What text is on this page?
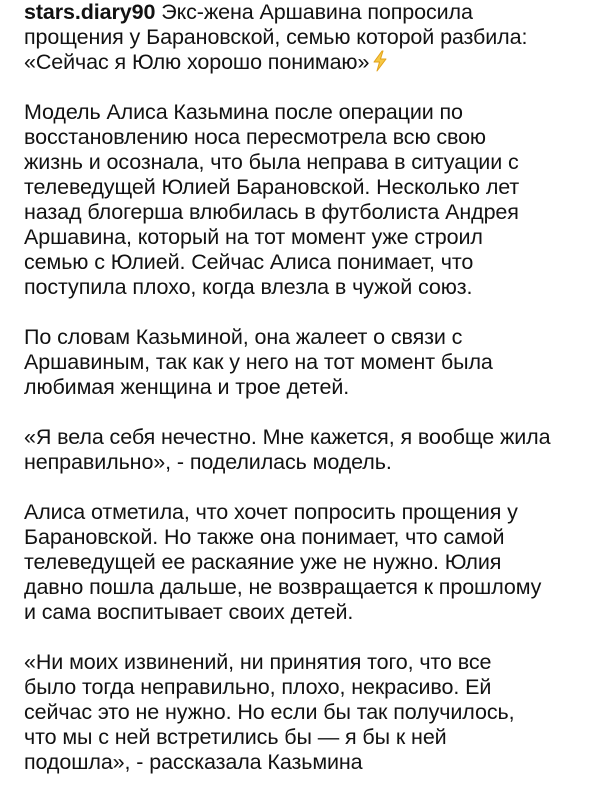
stars.diary90 Экс-жена Аршавина попросила
прощения у Барановской, семью которой разбила:
«Сейчас я Юлю хорошо понимаю»

Модель Алиса Казьмина после операции по
восстановлению носа пересмотрела всю свою
жизнь и осознала, что была неправа в ситуации с
телеведущей Юлией Барановской. Несколько лет
назад блогерша влюбилась в футболиста Андрея
Аршавина, который на тот момент уже строил
семью с Юлией. Сейчас Алиса понимает, что
поступила плохо, когда влезла в чужой союз.

По словам Казьминой, она жалеет о связи с
Аршавиным, так как у него на тот момент была
любимая женщина и трое детей.

«Я вела себя нечестно. Мне кажется, я вообще жила
неправильно», - поделилась модель.

Алиса отметила, что хочет попросить прощения у
Барановской. Но также она понимает, что самой
телеведущей ее раскаяние уже не нужно. Юлия
давно пошла дальше, не возвращается к прошлому
и сама воспитывает своих детей.

«Ни моих извинений, ни принятия того, что все
было тогда неправильно, плохо, некрасиво. Ей
сейчас это не нужно. Но если бы так получилось,
что мы с ней встретились бы — я бы к ней
подошла», - рассказала Казьмина
